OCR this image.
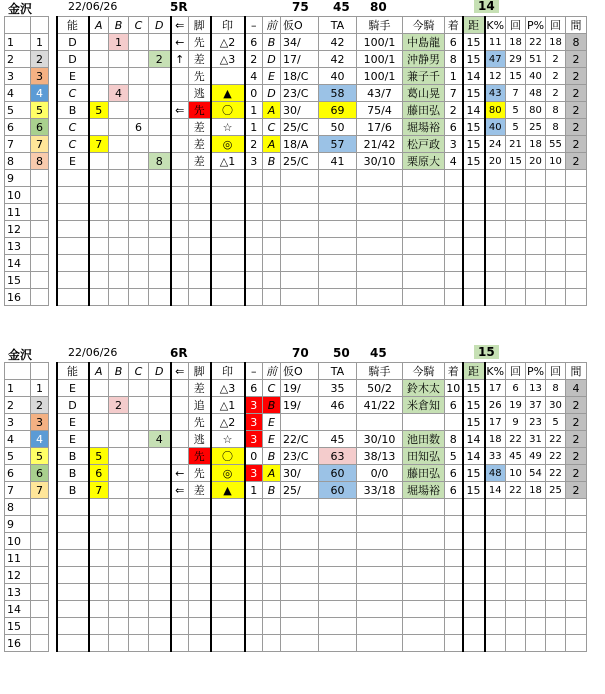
金沢	22/06/26	5R	75 45 80	14
			能	A	B	C	D	⇐	脚	印	–	前	仮O	TA	騎手	今騎	着	距	K%	回	P%	回	間
1	1		D		1			←	先	△2	6	B	34/	42	100/1	中島龍	6	15	11	18	22	18	8
2	2		D				2	↑	差	△3	2	D	17/	42	100/1	沖静男	8	15	47	29	51	2	2
3	3		E						先		4	E	18/C	40	100/1	兼子千	1	14	12	15	40	2	2
4	4		C		4				逃	▲	0	D	23/C	58	43/7	葛山晃	7	15	43	7	48	2	2
5	5		B	5				⇐	先	〇	1	A	30/	69	75/4	藤田弘	2	14	80	5	80	8	2
6	6		C			6			差	☆	1	C	25/C	50	17/6	堀場裕	6	15	40	5	25	8	2
7	7		C	7					差	◎	2	A	18/A	57	21/42	松戸政	3	15	24	21	18	55	2
8	8		E				8		差	△1	3	B	25/C	41	30/10	栗原大	4	15	20	15	20	10	2
9																							
10																							
11																							
12																							
13																							
14																							
15																							
16																							
金沢	22/06/26	6R	70 50 45	15
			能	A	B	C	D	⇐	脚	印	–	前	仮O	TA	騎手	今騎	着	距	K%	回	P%	回	間
1	1		E						差	△3	6	C	19/	35	50/2	鈴木太	10	15	17	6	13	8	4
2	2		D		2				追	△1	3	B	19/	46	41/22	米倉知	6	15	26	19	37	30	2
3	3		E						先	△2	3	E						15	17	9	23	5	2
4	4		E				4		逃	☆	3	E	22/C	45	30/10	池田数	8	14	18	22	31	22	2
5	5		B	5					先	〇	0	B	23/C	63	38/13	田知弘	5	14	33	45	49	22	2
6	6		B	6				←	先	◎	3	A	30/	60	0/0	藤田弘	6	15	48	10	54	22	2
7	7		B	7				⇐	差	▲	1	B	25/	60	33/18	堀場裕	6	15	14	22	18	25	2
8																							
9																							
10																							
11																							
12																							
13																							
14																							
15																							
16																							
